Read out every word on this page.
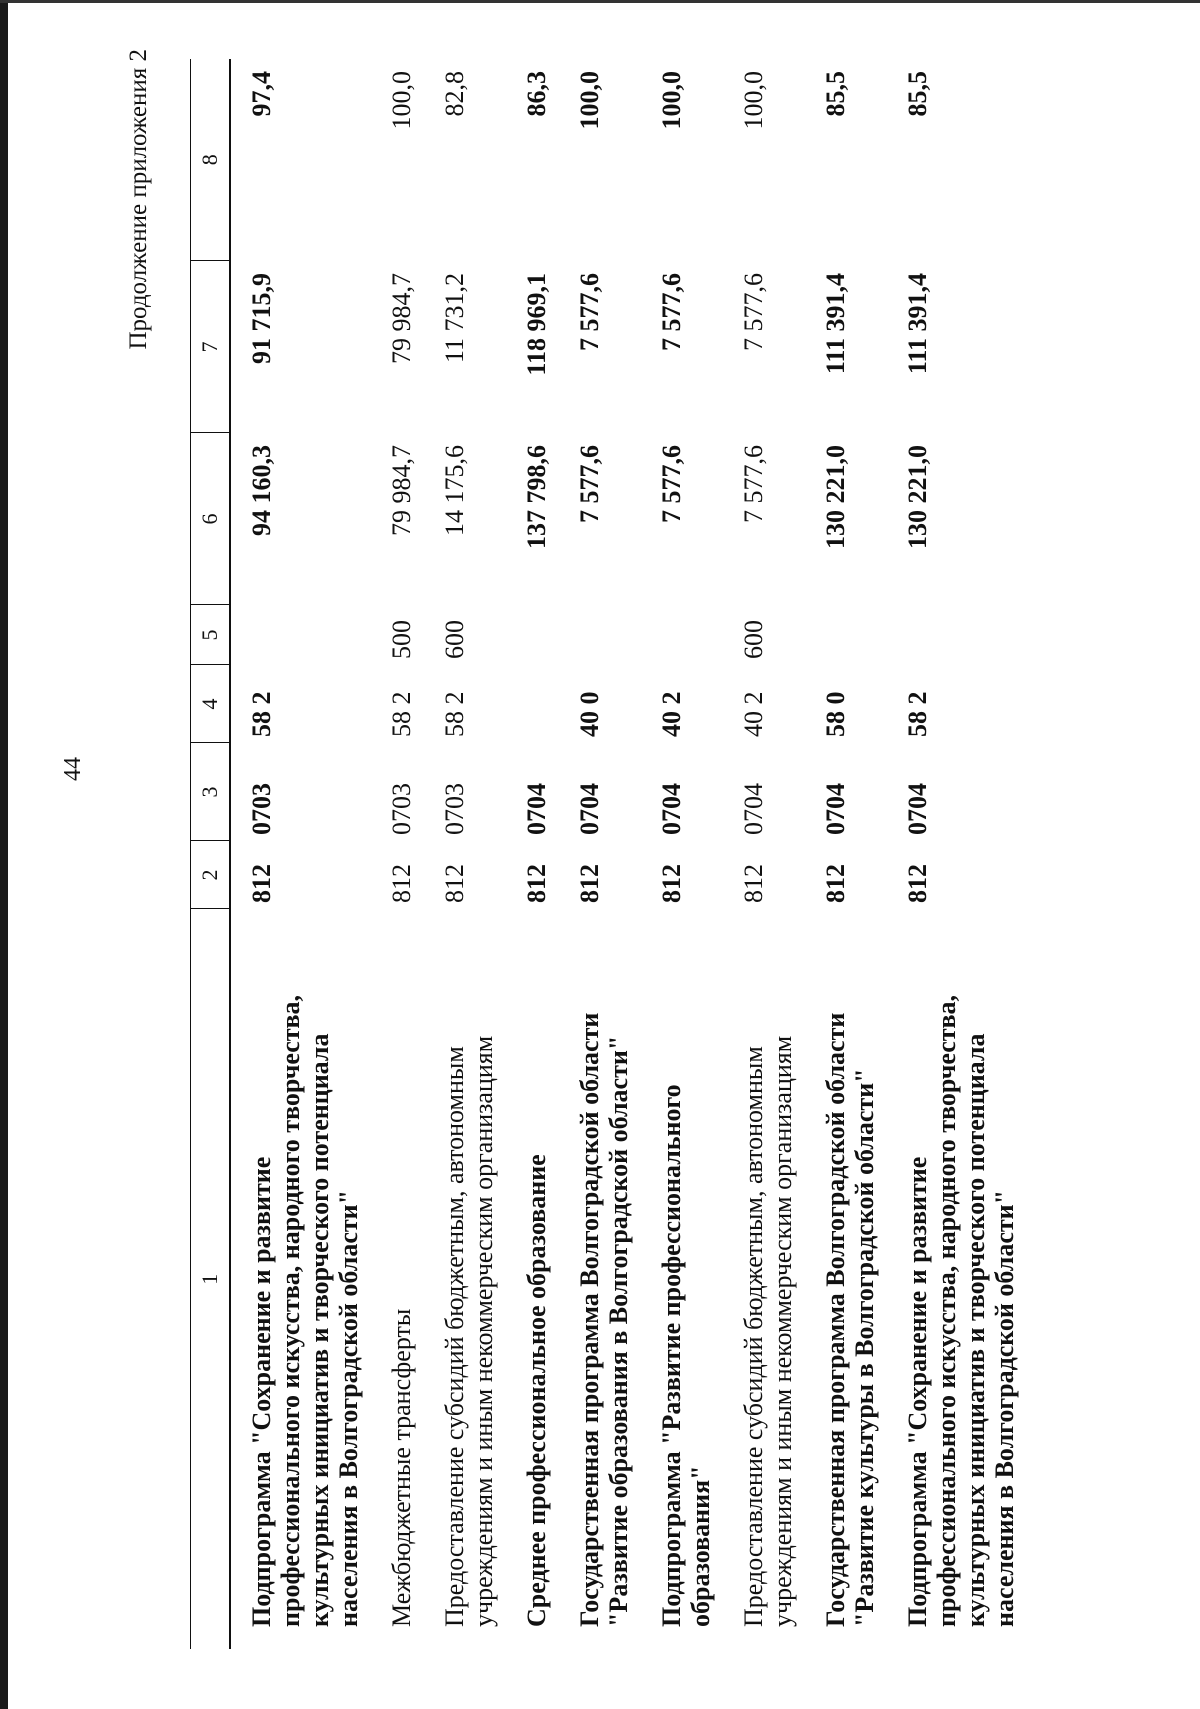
44
Продолжение приложения 2
1	2	3	4	5	6	7	8
Подпрограмма "Сохранение и развитие профессионального искусства, народного творчества, культурных инициатив и творческого потенциала населения в Волгоградской области"	812	0703	58 2		94 160,3	91 715,9	97,4
Межбюджетные трансферты	812	0703	58 2	500	79 984,7	79 984,7	100,0
Предоставление субсидий бюджетным, автономным учреждениям и иным некоммерческим организациям	812	0703	58 2	600	14 175,6	11 731,2	82,8
Среднее профессиональное образование	812	0704			137 798,6	118 969,1	86,3
Государственная программа Волгоградской области "Развитие образования в Волгоградской области"	812	0704	40 0		7 577,6	7 577,6	100,0
Подпрограмма "Развитие профессионального образования"	812	0704	40 2		7 577,6	7 577,6	100,0
Предоставление субсидий бюджетным, автономным учреждениям и иным некоммерческим организациям	812	0704	40 2	600	7 577,6	7 577,6	100,0
Государственная программа Волгоградской области "Развитие культуры в Волгоградской области"	812	0704	58 0		130 221,0	111 391,4	85,5
Подпрограмма "Сохранение и развитие профессионального искусства, народного творчества, культурных инициатив и творческого потенциала населения в Волгоградской области"	812	0704	58 2		130 221,0	111 391,4	85,5
